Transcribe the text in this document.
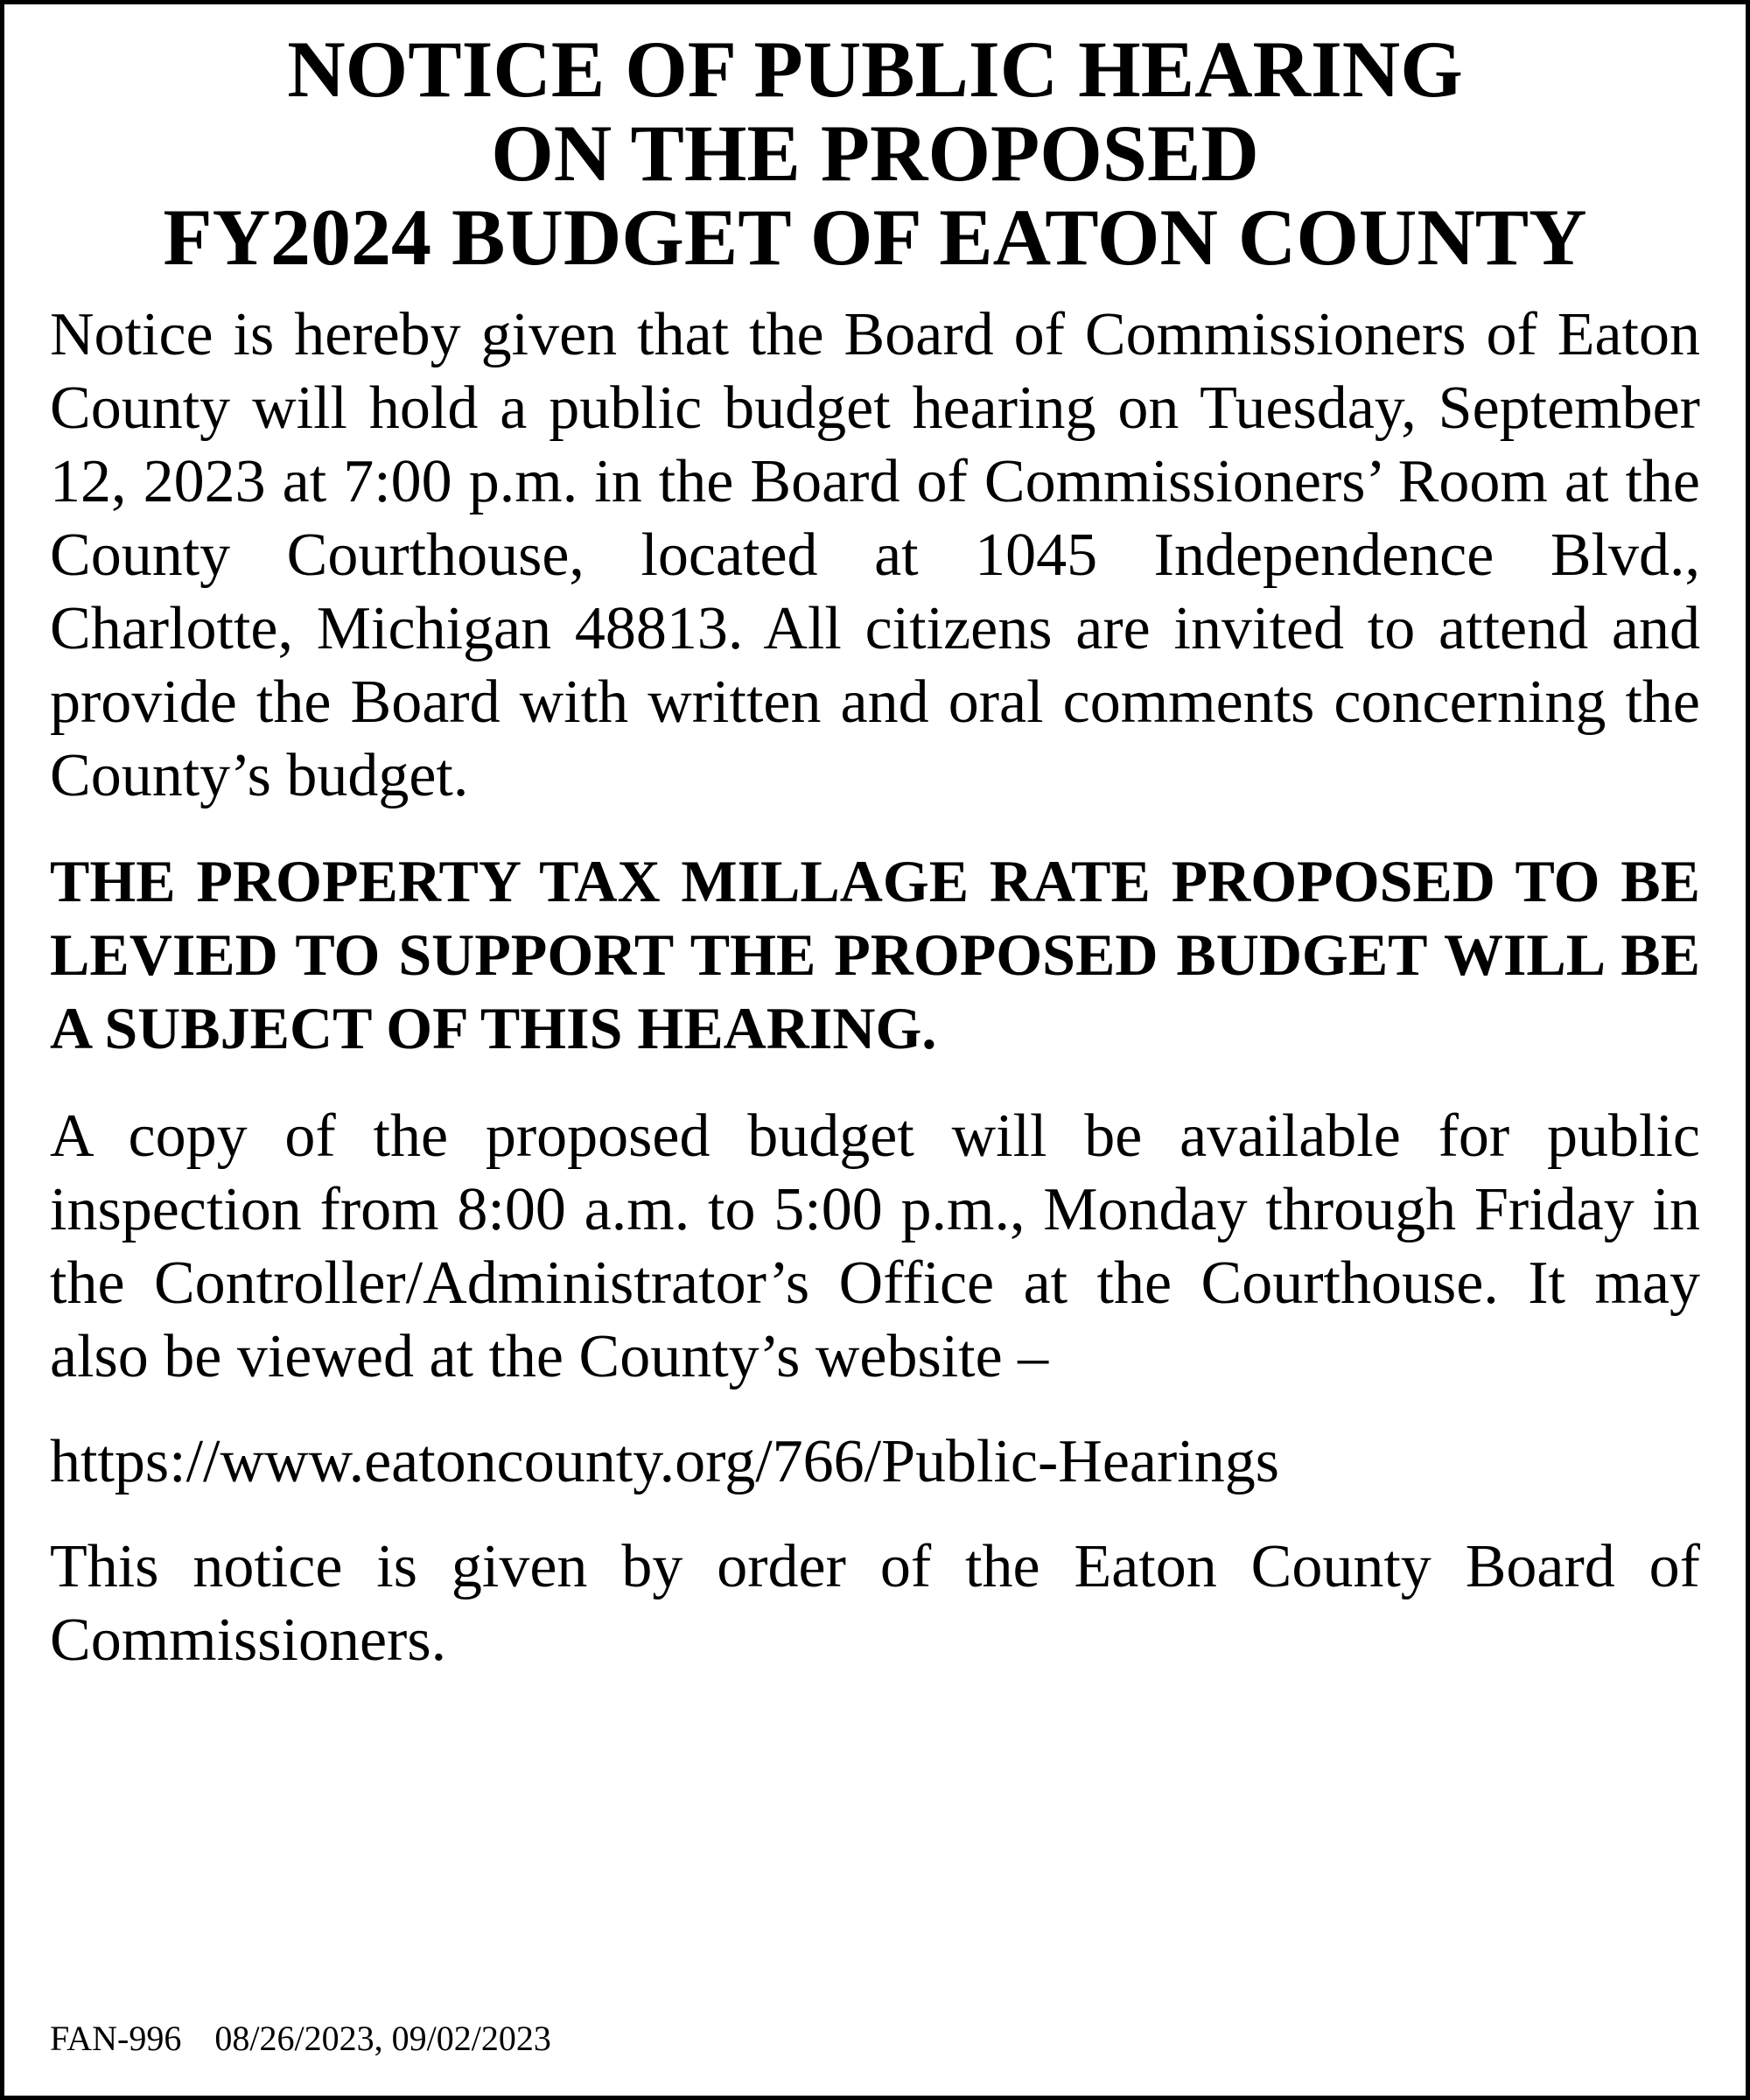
NOTICE OF PUBLIC HEARING
ON THE PROPOSED
FY2024 BUDGET OF EATON COUNTY

Notice is hereby given that the Board of Commissioners of Eaton County will hold a public budget hearing on Tuesday, September 12, 2023 at 7:00 p.m. in the Board of Commissioners’ Room at the County Courthouse, located at 1045 Independence Blvd., Charlotte, Michigan 48813. All citizens are invited to attend and provide the Board with written and oral comments concerning the County’s budget.

THE PROPERTY TAX MILLAGE RATE PROPOSED TO BE LEVIED TO SUPPORT THE PROPOSED BUDGET WILL BE A SUBJECT OF THIS HEARING.

A copy of the proposed budget will be available for public inspection from 8:00 a.m. to 5:00 p.m., Monday through Friday in the Controller/Administrator’s Office at the Courthouse. It may also be viewed at the County’s website –

https://www.eatoncounty.org/766/Public-Hearings

This notice is given by order of the Eaton County Board of Commissioners.

FAN-996 08/26/2023, 09/02/2023
